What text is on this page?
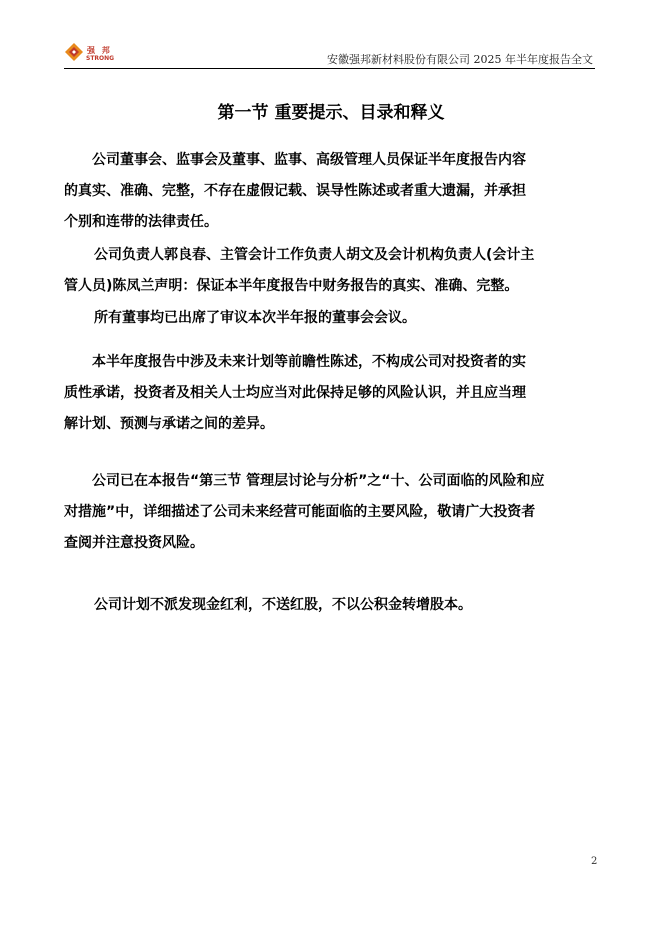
强 邦
STRONG	安徽强邦新材料股份有限公司 2025 年半年度报告全文
第一节 重要提示、目录和释义

公司董事会、监事会及董事、监事、高级管理人员保证半年度报告内容
的真实、准确、完整，不存在虚假记载、误导性陈述或者重大遗漏，并承担
个别和连带的法律责任。

公司负责人郭良春、主管会计工作负责人胡文及会计机构负责人(会计主
管人员)陈凤兰声明：保证本半年度报告中财务报告的真实、准确、完整。

所有董事均已出席了审议本次半年报的董事会会议。

本半年度报告中涉及未来计划等前瞻性陈述，不构成公司对投资者的实
质性承诺，投资者及相关人士均应当对此保持足够的风险认识，并且应当理
解计划、预测与承诺之间的差异。

公司已在本报告“第三节 管理层讨论与分析”之“十、公司面临的风险和应
对措施”中，详细描述了公司未来经营可能面临的主要风险，敬请广大投资者
查阅并注意投资风险。

公司计划不派发现金红利，不送红股，不以公积金转增股本。

2
